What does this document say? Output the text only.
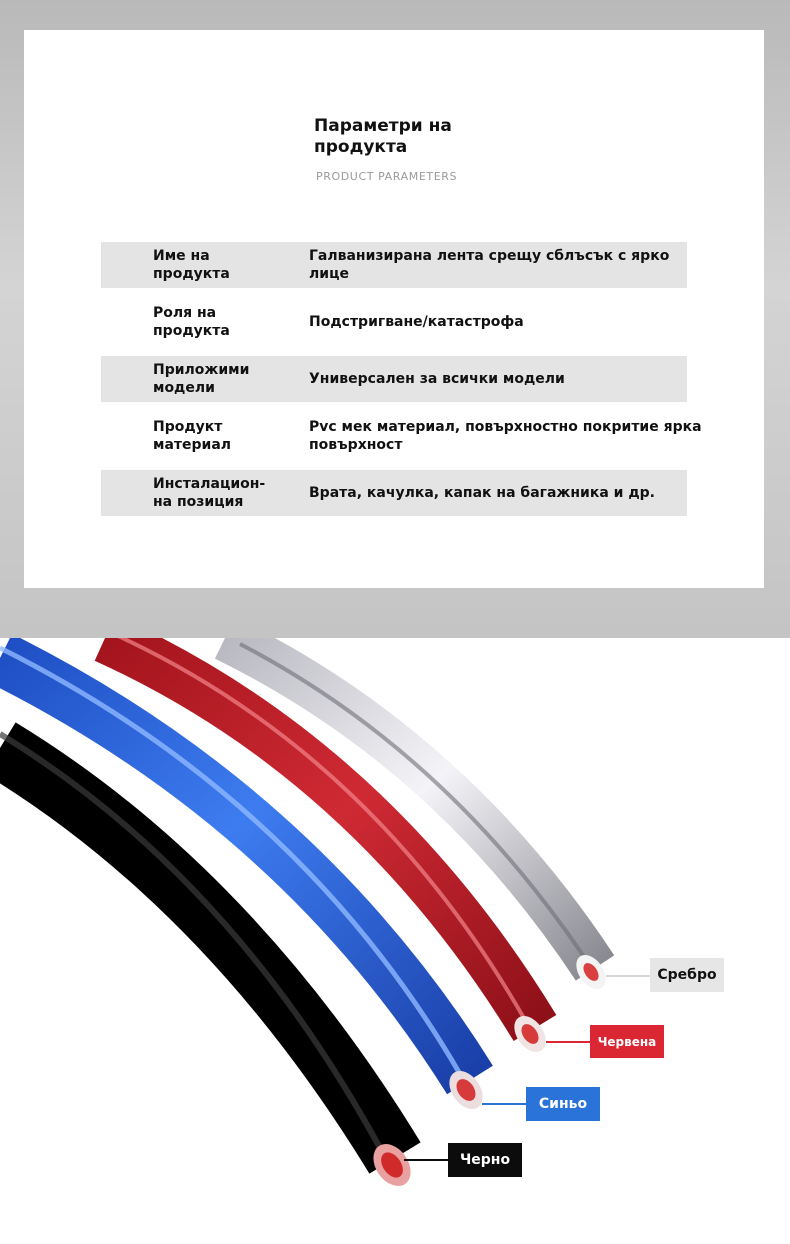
Параметри на продукта
PRODUCT PARAMETERS
Име на продукта
Галванизирана лента срещу сблъсък с ярко лице
Роля на продукта
Подстригване/катастрофа
Приложими модели
Универсален за всички модели
Продукт материал
Pvc мек материал, повърхностно покритие ярка повърхност
Инсталацион-на позиция
Врата, качулка, капак на багажника и др.
Сребро
Червена
Синьо
Черно
